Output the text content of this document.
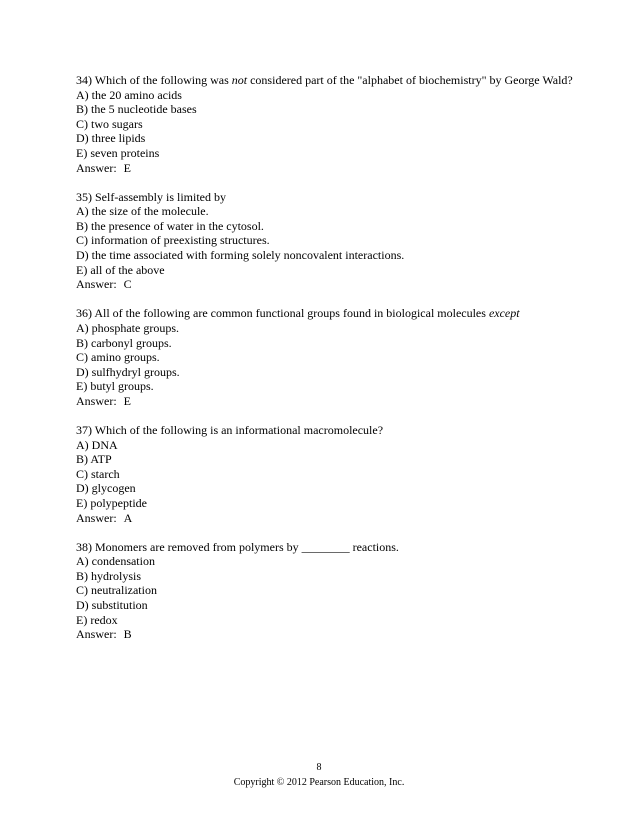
34) Which of the following was not considered part of the "alphabet of biochemistry" by George Wald?
A) the 20 amino acids
B) the 5 nucleotide bases
C) two sugars
D) three lipids
E) seven proteins
Answer: E
35) Self-assembly is limited by
A) the size of the molecule.
B) the presence of water in the cytosol.
C) information of preexisting structures.
D) the time associated with forming solely noncovalent interactions.
E) all of the above
Answer: C
36) All of the following are common functional groups found in biological molecules except
A) phosphate groups.
B) carbonyl groups.
C) amino groups.
D) sulfhydryl groups.
E) butyl groups.
Answer: E
37) Which of the following is an informational macromolecule?
A) DNA
B) ATP
C) starch
D) glycogen
E) polypeptide
Answer: A
38) Monomers are removed from polymers by ________ reactions.
A) condensation
B) hydrolysis
C) neutralization
D) substitution
E) redox
Answer: B
8
Copyright © 2012 Pearson Education, Inc.
